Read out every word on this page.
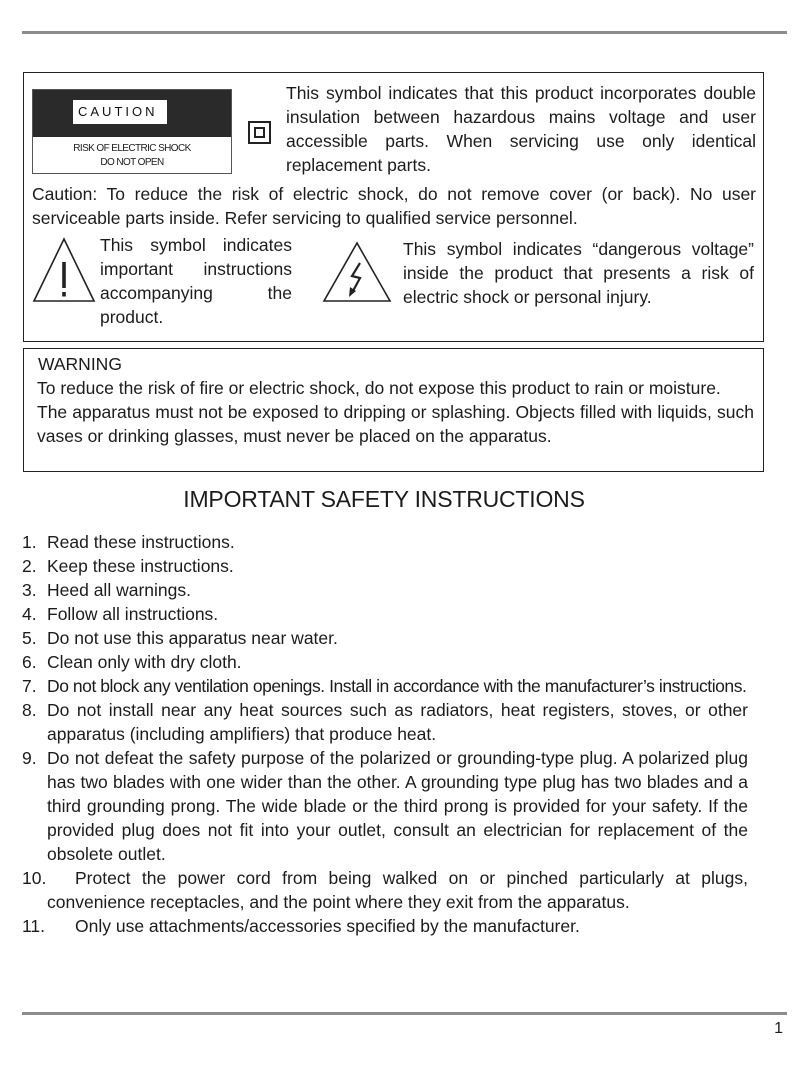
CAUTION
RISK OF ELECTRIC SHOCK
DO NOT OPEN
This symbol indicates that this product incorporates double insulation between hazardous mains voltage and user accessible parts. When servicing use only identical replacement parts.
Caution: To reduce the risk of electric shock, do not remove cover (or back). No user serviceable parts inside. Refer servicing to qualified service personnel.
This symbol indicates important instructions accompanying the product.
This symbol indicates “dangerous voltage” inside the product that presents a risk of electric shock or personal injury.
WARNING

To reduce the risk of fire or electric shock, do not expose this product to rain or moisture.

The apparatus must not be exposed to dripping or splashing. Objects filled with liquids, such vases or drinking glasses, must never be placed on the apparatus.

IMPORTANT SAFETY INSTRUCTIONS
1. Read these instructions.
2. Keep these instructions.
3. Heed all warnings.
4. Follow all instructions.
5. Do not use this apparatus near water.
6. Clean only with dry cloth.
7. Do not block any ventilation openings. Install in accordance with the manufacturer’s instructions.
8. Do not install near any heat sources such as radiators, heat registers, stoves, or other apparatus (including amplifiers) that produce heat.
9. Do not defeat the safety purpose of the polarized or grounding-type plug. A polarized plug has two blades with one wider than the other. A grounding type plug has two blades and a third grounding prong. The wide blade or the third prong is provided for your safety. If the provided plug does not fit into your outlet, consult an electrician for replacement of the obsolete outlet.
10.	Protect the power cord from being walked on or pinched particularly at plugs, convenience receptacles, and the point where they exit from the apparatus.
11.	Only use attachments/accessories specified by the manufacturer.
1
